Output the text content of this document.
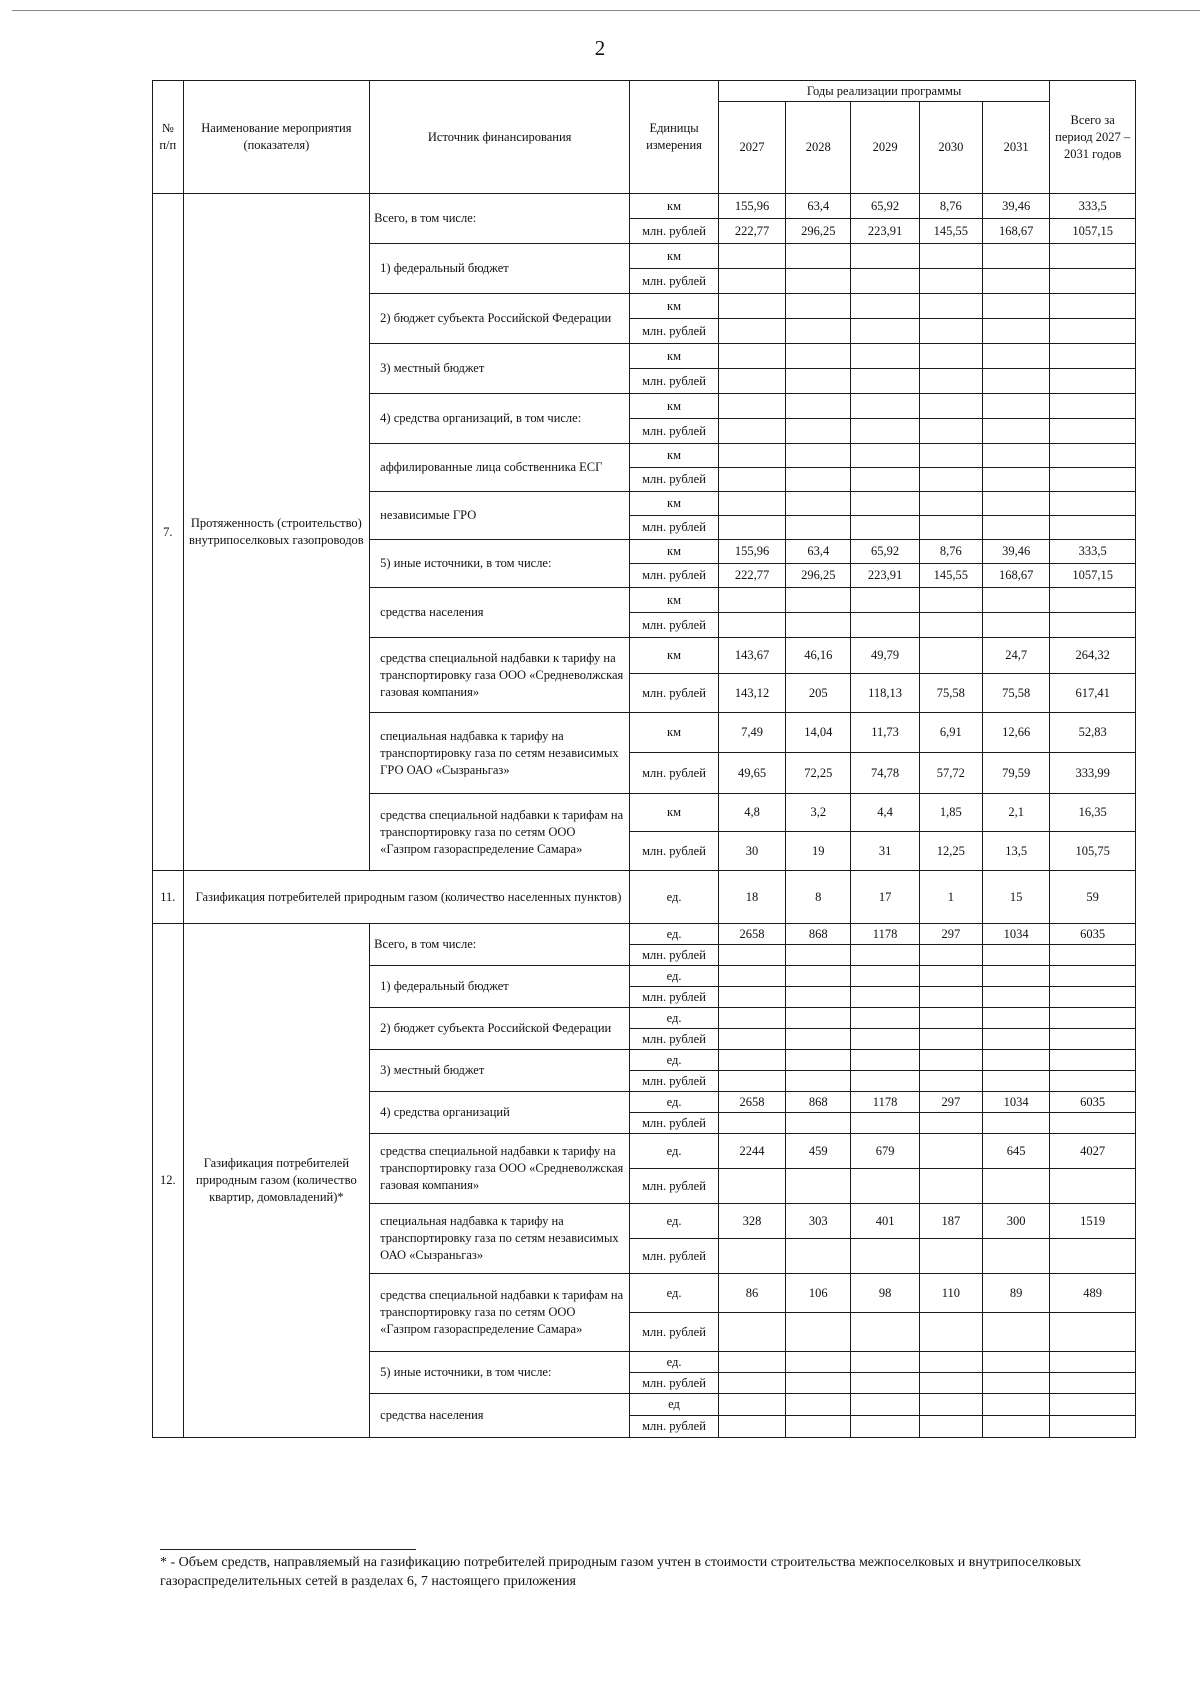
2
№ п/п	Наименование мероприятия (показателя)	Источник финансирования	Единицы измерения	Годы реализации программы					Всего за период 2027 – 2031 годов
				2027	2028	2029	2030	2031	
7.	Протяженность (строительство) внутрипоселковых газопроводов	Всего, в том числе:	км	155,96	63,4	65,92	8,76	39,46	333,5
			млн. рублей	222,77	296,25	223,91	145,55	168,67	1057,15
		1) федеральный бюджет	км						
			млн. рублей						
		2) бюджет субъекта Российской Федерации	км						
			млн. рублей						
		3) местный бюджет	км						
			млн. рублей						
		4) средства организаций, в том числе:	км						
			млн. рублей						
		аффилированные лица собственника ЕСГ	км						
			млн. рублей						
		независимые ГРО	км						
			млн. рублей						
		5) иные источники, в том числе:	км	155,96	63,4	65,92	8,76	39,46	333,5
			млн. рублей	222,77	296,25	223,91	145,55	168,67	1057,15
		средства населения	км						
			млн. рублей						
		средства специальной надбавки к тарифу на транспортировку газа ООО «Средневолжская газовая компания»	км	143,67	46,16	49,79		24,7	264,32
			млн. рублей	143,12	205	118,13	75,58	75,58	617,41
		специальная надбавка к тарифу на транспортировку газа по сетям независимых ГРО ОАО «Сызраньгаз»	км	7,49	14,04	11,73	6,91	12,66	52,83
			млн. рублей	49,65	72,25	74,78	57,72	79,59	333,99
		средства специальной надбавки к тарифам на транспортировку газа по сетям ООО «Газпром газораспределение Самара»	км	4,8	3,2	4,4	1,85	2,1	16,35
			млн. рублей	30	19	31	12,25	13,5	105,75
11.	Газификация потребителей природным газом (количество населенных пунктов)		ед.	18	8	17	1	15	59
12.	Газификация потребителей природным газом (количество квартир, домовладений)*	Всего, в том числе:	ед.	2658	868	1178	297	1034	6035
			млн. рублей						
		1) федеральный бюджет	ед.						
			млн. рублей						
		2) бюджет субъекта Российской Федерации	ед.						
			млн. рублей						
		3) местный бюджет	ед.						
			млн. рублей						
		4) средства организаций	ед.	2658	868	1178	297	1034	6035
			млн. рублей						
		средства специальной надбавки к тарифу на транспортировку газа ООО «Средневолжская газовая компания»	ед.	2244	459	679		645	4027
			млн. рублей						
		специальная надбавка к тарифу на транспортировку газа по сетям независимых ОАО «Сызраньгаз»	ед.	328	303	401	187	300	1519
			млн. рублей						
		средства специальной надбавки к тарифам на транспортировку газа по сетям ООО «Газпром газораспределение Самара»	ед.	86	106	98	110	89	489
			млн. рублей						
		5) иные источники, в том числе:	ед.						
			млн. рублей						
		средства населения	ед						
			млн. рублей						
* - Объем средств, направляемый на газификацию потребителей природным газом учтен в стоимости строительства межпоселковых и внутрипоселковых газораспределительных сетей в разделах 6, 7 настоящего приложения
